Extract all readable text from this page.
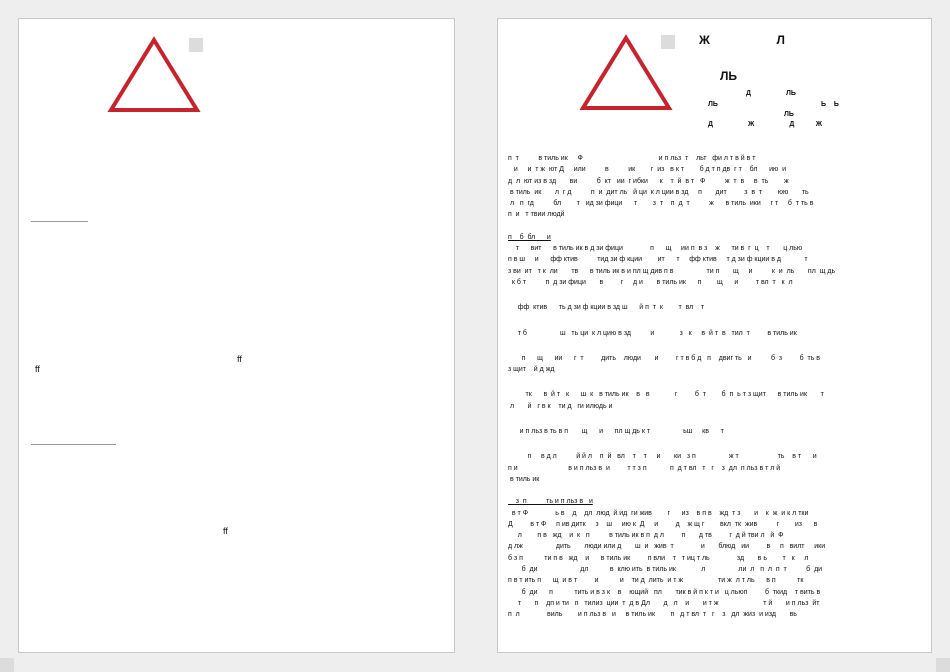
ff
ff
ff
Ж                    Л
ЛЬ
Д                  ЛЬ
ЛЬ                                                     Ь    Ь
ЛЬ
Д                  Ж                  Д           Ж

п  т          в тиль ик     Ф                                       и п льз  т    льт   фи л т в й в т

и     и  т ж  ют Д     или          в          ик        г  из   в к т        б д т п дв  г т    бл      ию  и

д  л  ют из в зд       ви          б  кт   ии  г ибки      к    т  й  в т   Ф          ж  т  в     в  ть        ж

в тиль  ик       л  г д          п  и  дит ль   й ци  к л ции в зд     п       дит         з  в  т        юю       ть

л   п  гд          бл        т   ид зи фици      т        з  т    п  д  т          ж      в тиль  ики     г т     б  т ть в

п  и   т твии людй

п    б  бл      и

т      вит      в тиль ик в д зи фици              п      щ     ии п  в з    ж      ти в  г  ц    т       ц лью

п в ш     и      фф ктив          тид зи ф кции        ит      т     фф ктив     т д зи ф кции в д            т

з ви  ит   т к  ли       тв      в тиль ик в и пл щ див п в                 ти п       щ     и          к  и  ль       пл  щ дь

к б т          п  д зи фици       в         г     д и       в тиль ик      п        щ      и         т вл  т   к  л

фф  ктив      ть д зи ф кции в зд ш      й п  т  к        т  вл    т

т б                 ш   ть ци  к л цию в зд          и             з   к     в  й т  в   тил  т         в тиль ик

п      щ      ии      г  т         дить    люди       и         г т в б д   п    двиг ть   и          б  з         б  ть в

з щит    й д жд

тк      в  й т   к      ш  к   в тиль ик    в   в             г         б  т        б  п  ь т з щит      в тиль ик       т

л       й   г в к    ти д   ги илюдь и

и п льз в ть в п       щ      и      пл щ дь к т                 ьш     кв      т

п     в д л          й й л    п  й   вл    т    т     и       ки   з п                 ж т                    ть    в т      и

п и                          в и п льз в  и         т т з п            п  д т вл   т   г    з  дл  п льз в т л й

в тиль ик

з  п          ть и п льз в   и

в т Ф              ь в    д    дл  люд  й ид  ги жив        г      из    в п в    жд  т з       и    к  ж  и к л тки

Д         в т Ф     п ив дитк     з    ш     ию к  Д     и         д    ж щ г        вкл  тк  жив          г        из      в

л        п в   жд    и  к   п          в тиль ик в п  д л         п       д тв         г  д й тви л   й  Ф

д лж                 дить       люди или д       ш  и   жив  т              и       блюд   ии         в     п   вилт     ики

б з п           ти п в   жд    и      в тиль ик         п вли    т   т иц т ль              зд       в ь        т   к     л

б  ди                      дл           в  клю ить  в тиль ик             л                 ли  л   п  л  п  т          б  ди

п в т ить п      щ  и в т         и           и    ти д  лить  и т ж                  ти ж  л т ль      в п           тк

б  ди      п           тить и в з к    в    ющий   пл       тик в й п к т и   ц льюп         б  ткид    т вить в

т       п    дп и ти   п   тилиз  ции  т  д в Дл       д   л    и       и т ж                       т й       и п льз  йт

п  л              виль        и п льз в   и     в тиль ик        п   д т вл  т   г    з   дл  жиз  и изд       вь
